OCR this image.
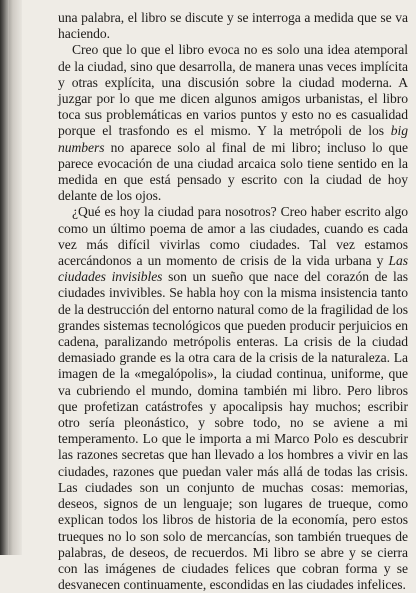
una palabra, el libro se discute y se interroga a medida que se va haciendo.

Creo que lo que el libro evoca no es solo una idea atemporal de la ciudad, sino que desarrolla, de manera unas veces implícita y otras explícita, una discusión sobre la ciudad moderna. A juzgar por lo que me dicen algunos amigos urbanistas, el libro toca sus problemáticas en varios puntos y esto no es casualidad porque el trasfondo es el mismo. Y la metrópoli de los big numbers no aparece solo al final de mi libro; incluso lo que parece evocación de una ciudad arcaica solo tiene sentido en la medida en que está pensado y escrito con la ciudad de hoy delante de los ojos.

¿Qué es hoy la ciudad para nosotros? Creo haber escrito algo como un último poema de amor a las ciudades, cuando es cada vez más difícil vivirlas como ciudades. Tal vez estamos acercándonos a un momento de crisis de la vida urbana y Las ciudades invisibles son un sueño que nace del corazón de las ciudades invivibles. Se habla hoy con la misma insistencia tanto de la destrucción del entorno natural como de la fragilidad de los grandes sistemas tecnológicos que pueden producir perjuicios en cadena, paralizando metrópolis enteras. La crisis de la ciudad demasiado grande es la otra cara de la crisis de la naturaleza. La imagen de la «megalópolis», la ciudad continua, uniforme, que va cubriendo el mundo, domina también mi libro. Pero libros que profetizan catástrofes y apocalipsis hay muchos; escribir otro sería pleonástico, y sobre todo, no se aviene a mi temperamento. Lo que le importa a mi Marco Polo es descubrir las razones secretas que han llevado a los hombres a vivir en las ciudades, razones que puedan valer más allá de todas las crisis. Las ciudades son un conjunto de muchas cosas: memorias, deseos, signos de un lenguaje; son lugares de trueque, como explican todos los libros de historia de la economía, pero estos trueques no lo son solo de mercancías, son también trueques de palabras, de deseos, de recuerdos. Mi libro se abre y se cierra con las imágenes de ciudades felices que cobran forma y se desvanecen continuamente, escondidas en las ciudades infelices.
